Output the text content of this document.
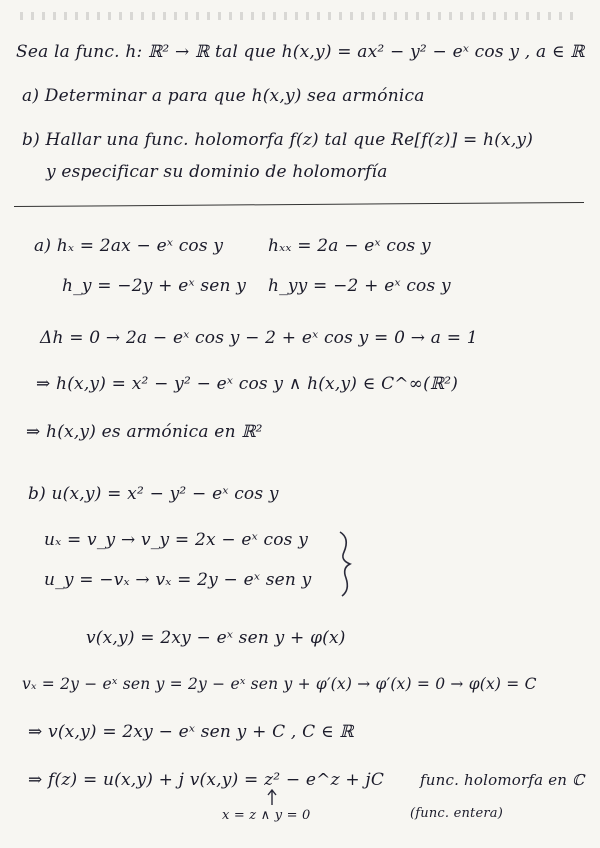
Sea la func. h: ℝ² → ℝ tal que h(x,y) = ax² − y² − eˣ cos y , a ∈ ℝ
a) Determinar a para que h(x,y) sea armónica
b) Hallar una func. holomorfa f(z) tal que Re[f(z)] = h(x,y)
y especificar su dominio de holomorfía
a) hₓ = 2ax − eˣ cos y	hₓₓ = 2a − eˣ cos y
h_y = −2y + eˣ sen y h_yy = −2 + eˣ cos y
Δh = 0 → 2a − eˣ cos y − 2 + eˣ cos y = 0 → a = 1
⇒ h(x,y) = x² − y² − eˣ cos y ∧ h(x,y) ∈ C^∞(ℝ²)
⇒ h(x,y) es armónica en ℝ²
b) u(x,y) = x² − y² − eˣ cos y
uₓ = v_y → v_y = 2x − eˣ cos y
u_y = −vₓ → vₓ = 2y − eˣ sen y
v(x,y) = 2xy − eˣ sen y + φ(x)
vₓ = 2y − eˣ sen y = 2y − eˣ sen y + φ′(x) → φ′(x) = 0 → φ(x) = C
⇒ v(x,y) = 2xy − eˣ sen y + C , C ∈ ℝ
⇒ f(z) = u(x,y) + j v(x,y) = z² − e^z + jC func. holomorfa en ℂ
(func. entera)
x = z ∧ y = 0
